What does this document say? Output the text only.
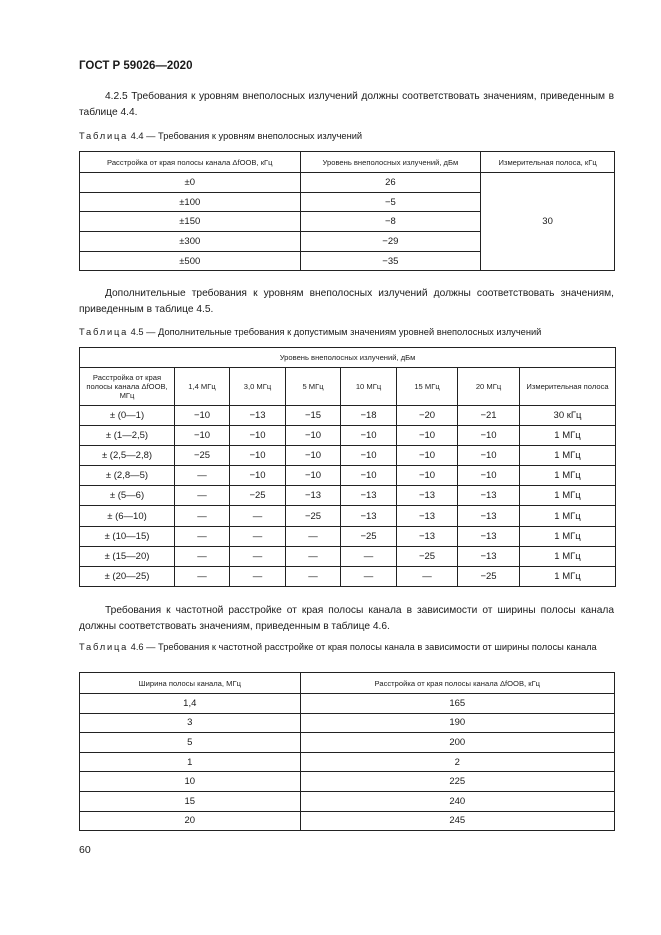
ГОСТ Р 59026—2020
4.2.5 Требования к уровням внеполосных излучений должны соответствовать значениям, приведенным в таблице 4.4.
Таблица 4.4 — Требования к уровням внеполосных излучений
Расстройка от края полосы канала ΔfООВ, кГц	Уровень внеполосных излучений, дБм	Измерительная полоса, кГц
±0	26	30
±100	−5	
±150	−8	
±300	−29	
±500	−35	
Дополнительные требования к уровням внеполосных излучений должны соответствовать значениям, приведенным в таблице 4.5.
Таблица 4.5 — Дополнительные требования к допустимым значениям уровней внеполосных излучений
Уровень внеполосных излучений, дБм							
Расстройка от края полосы канала ΔfООВ, МГц	1,4 МГц	3,0 МГц	5 МГц	10 МГц	15 МГц	20 МГц	Измерительная полоса
± (0—1)	−10	−13	−15	−18	−20	−21	30 кГц
± (1—2,5)	−10	−10	−10	−10	−10	−10	1 МГц
± (2,5—2,8)	−25	−10	−10	−10	−10	−10	1 МГц
± (2,8—5)	—	−10	−10	−10	−10	−10	1 МГц
± (5—6)	—	−25	−13	−13	−13	−13	1 МГц
± (6—10)	—	—	−25	−13	−13	−13	1 МГц
± (10—15)	—	—	—	−25	−13	−13	1 МГц
± (15—20)	—	—	—	—	−25	−13	1 МГц
± (20—25)	—	—	—	—	—	−25	1 МГц
Требования к частотной расстройке от края полосы канала в зависимости от ширины полосы канала должны соответствовать значениям, приведенным в таблице 4.6.
Таблица 4.6 — Требования к частотной расстройке от края полосы канала в зависимости от ширины полосы канала
Ширина полосы канала, МГц	Расстройка от края полосы канала ΔfООВ, кГц
1,4	165
3	190
5	200
1	2
10	225
15	240
20	245
60
